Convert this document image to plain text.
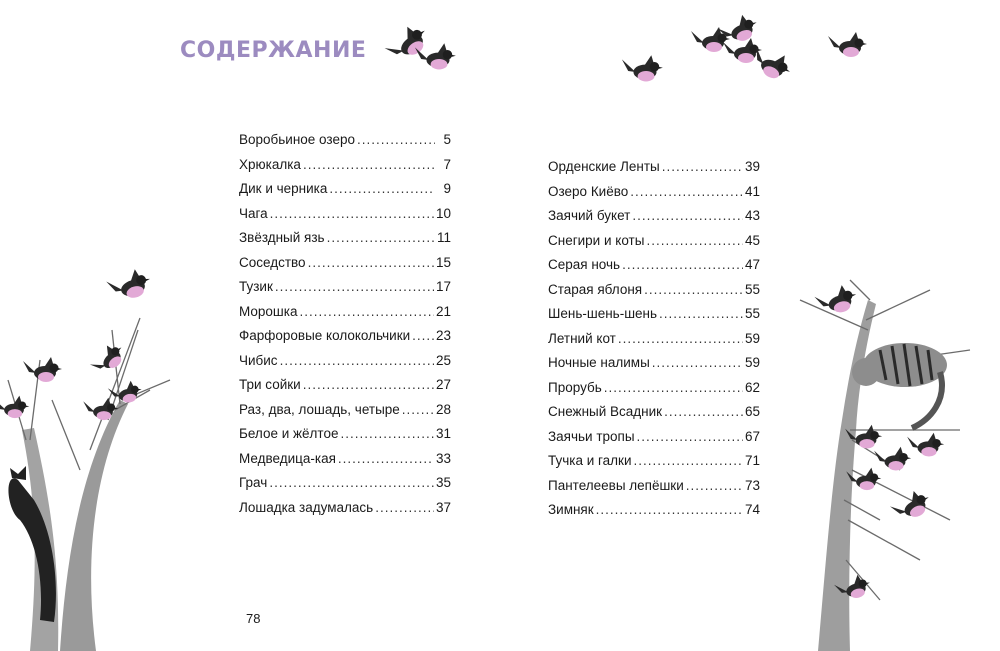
СОДЕРЖАНИЕ
Воробьиное озеро .....	5
Хрюкалка .....	7
Дик и черника .....	9
Чага .....	10
Звёздный язь .....	11
Соседство .....	15
Тузик .....	17
Морошка .....	21
Фарфоровые колокольчики ..... 23
Чибис .....	25
Три сойки .....	27
Раз, два, лошадь, четыре .....	28
Белое и жёлтое .....	31
Медведица-кая .....	33
Грач .....	35
Лошадка задумалась .....	37
Орденские Ленты .....	39
Озеро Киёво .....	41
Заячий букет .....	43
Снегири и коты .....	45
Серая ночь .....	47
Старая яблоня .....	55
Шень-шень-шень .....	55
Летний кот .....	59
Ночные налимы .....	59
Прорубь .....	62
Снежный Всадник .....	65
Заячьи тропы .....	67
Тучка и галки .....	71
Пантелеевы лепёшки .....	73
Зимняк .....	74
78
